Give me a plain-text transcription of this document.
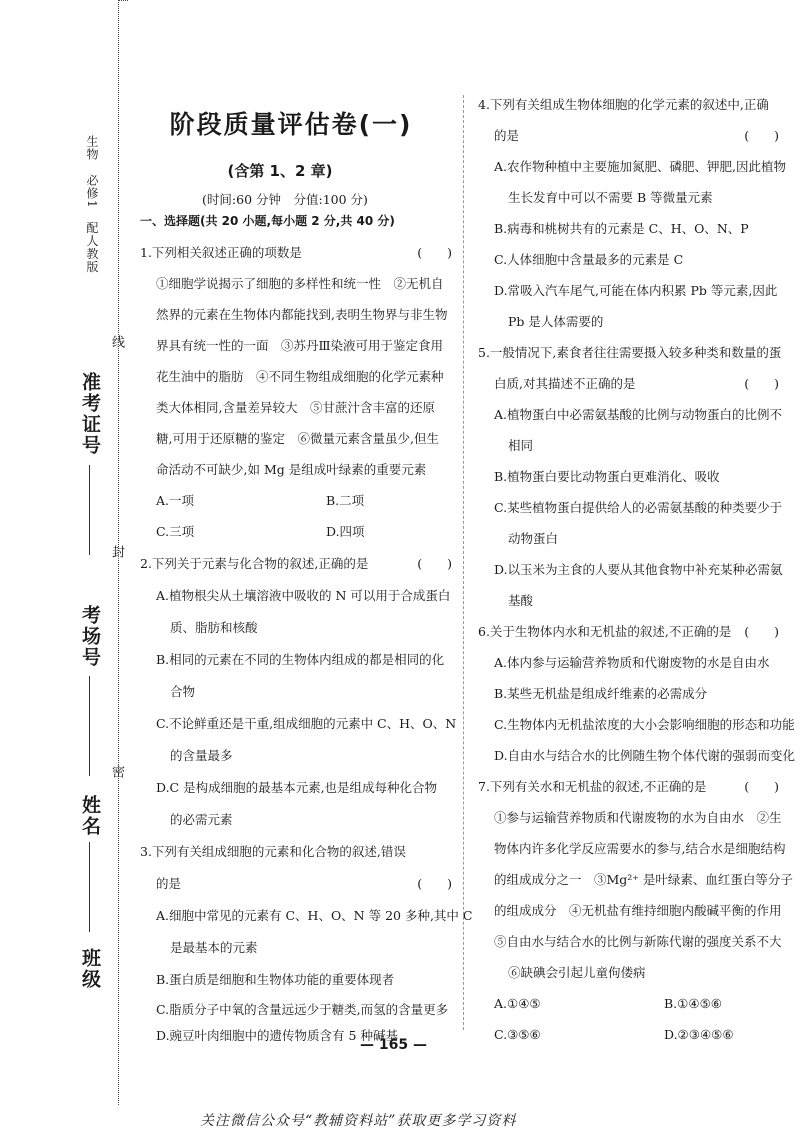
生物　必修1　配人教版
准考证号
考场号
姓名
班级
线
封
密
阶段质量评估卷(一)
(含第 1、2 章)
(时间:60 分钟　分值:100 分)
一、选择题(共 20 小题,每小题 2 分,共 40 分)
1.下列相关叙述正确的项数是	(　　)
①细胞学说揭示了细胞的多样性和统一性　②无机自
然界的元素在生物体内都能找到,表明生物界与非生物
界具有统一性的一面　③苏丹Ⅲ染液可用于鉴定食用
花生油中的脂肪　④不同生物组成细胞的化学元素种
类大体相同,含量差异较大　⑤甘蔗汁含丰富的还原
糖,可用于还原糖的鉴定　⑥微量元素含量虽少,但生
命活动不可缺少,如 Mg 是组成叶绿素的重要元素
A.一项	B.二项
C.三项	D.四项
2.下列关于元素与化合物的叙述,正确的是	(　　)
A.植物根尖从土壤溶液中吸收的 N 可以用于合成蛋白
质、脂肪和核酸
B.相同的元素在不同的生物体内组成的都是相同的化
合物
C.不论鲜重还是干重,组成细胞的元素中 C、H、O、N
的含量最多
D.C 是构成细胞的最基本元素,也是组成每种化合物
的必需元素
3.下列有关组成细胞的元素和化合物的叙述,错误
的是	(　　)
A.细胞中常见的元素有 C、H、O、N 等 20 多种,其中 C
是最基本的元素
B.蛋白质是细胞和生物体功能的重要体现者
C.脂质分子中氧的含量远远少于糖类,而氢的含量更多
D.豌豆叶肉细胞中的遗传物质含有 5 种碱基
4.下列有关组成生物体细胞的化学元素的叙述中,正确
的是	(　　)
A.农作物种植中主要施加氮肥、磷肥、钾肥,因此植物
生长发育中可以不需要 B 等微量元素
B.病毒和桃树共有的元素是 C、H、O、N、P
C.人体细胞中含量最多的元素是 C
D.常吸入汽车尾气,可能在体内积累 Pb 等元素,因此
Pb 是人体需要的
5.一般情况下,素食者往往需要摄入较多种类和数量的蛋
白质,对其描述不正确的是	(　　)
A.植物蛋白中必需氨基酸的比例与动物蛋白的比例不
相同
B.植物蛋白要比动物蛋白更难消化、吸收
C.某些植物蛋白提供给人的必需氨基酸的种类要少于
动物蛋白
D.以玉米为主食的人要从其他食物中补充某种必需氨
基酸
6.关于生物体内水和无机盐的叙述,不正确的是 (　　)
A.体内参与运输营养物质和代谢废物的水是自由水
B.某些无机盐是组成纤维素的必需成分
C.生物体内无机盐浓度的大小会影响细胞的形态和功能
D.自由水与结合水的比例随生物个体代谢的强弱而变化
7.下列有关水和无机盐的叙述,不正确的是	(　　)
①参与运输营养物质和代谢废物的水为自由水　②生
物体内许多化学反应需要水的参与,结合水是细胞结构
的组成成分之一　③Mg²⁺ 是叶绿素、血红蛋白等分子
的组成成分　④无机盐有维持细胞内酸碱平衡的作用
⑤自由水与结合水的比例与新陈代谢的强度关系不大
⑥缺碘会引起儿童佝偻病
A.①④⑤	B.①④⑤⑥
C.③⑤⑥	D.②③④⑤⑥
— 165 —
关注微信公众号“教辅资料站”获取更多学习资料
